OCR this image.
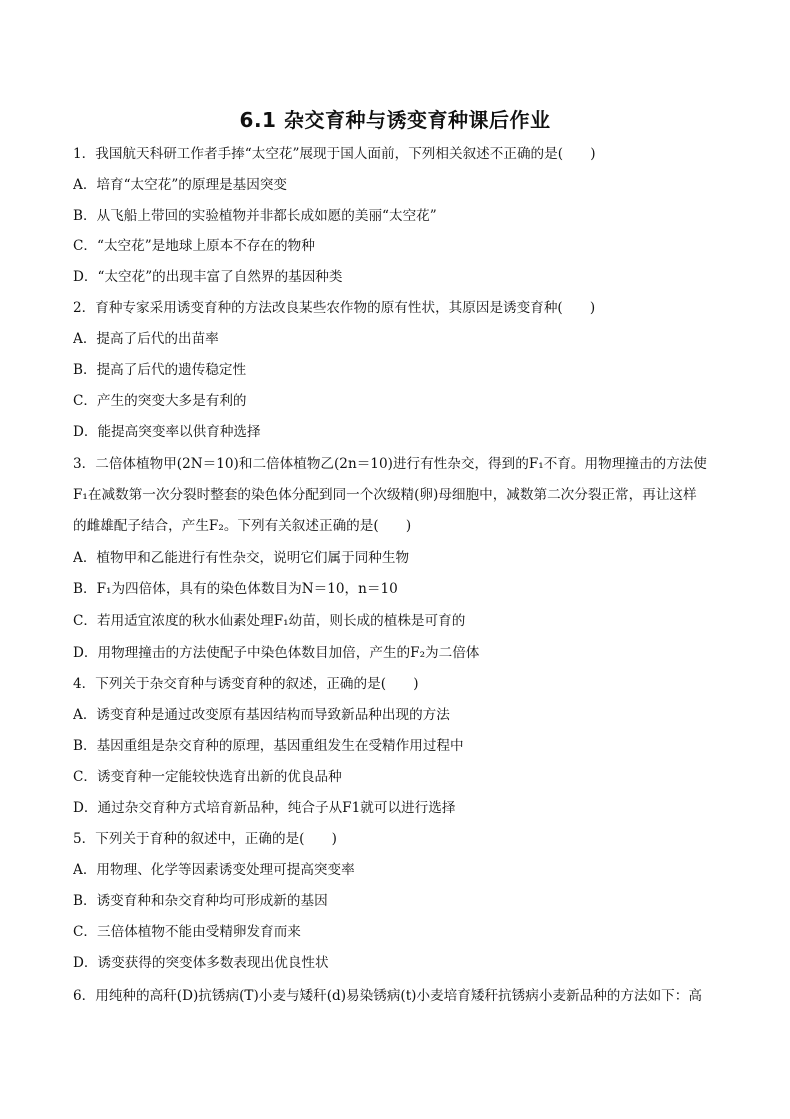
6.1 杂交育种与诱变育种课后作业
1．我国航天科研工作者手捧“太空花”展现于国人面前，下列相关叙述不正确的是(　　)
A．培育“太空花”的原理是基因突变
B．从飞船上带回的实验植物并非都长成如愿的美丽“太空花”
C．“太空花”是地球上原本不存在的物种
D．“太空花”的出现丰富了自然界的基因种类
2．育种专家采用诱变育种的方法改良某些农作物的原有性状，其原因是诱变育种(　　)
A．提高了后代的出苗率
B．提高了后代的遗传稳定性
C．产生的突变大多是有利的
D．能提高突变率以供育种选择
3．二倍体植物甲(2N＝10)和二倍体植物乙(2n＝10)进行有性杂交，得到的F₁不育。用物理撞击的方法使
F₁在减数第一次分裂时整套的染色体分配到同一个次级精(卵)母细胞中，减数第二次分裂正常，再让这样
的雌雄配子结合，产生F₂。下列有关叙述正确的是(　　)
A．植物甲和乙能进行有性杂交，说明它们属于同种生物
B．F₁为四倍体，具有的染色体数目为N＝10，n＝10
C．若用适宜浓度的秋水仙素处理F₁幼苗，则长成的植株是可育的
D．用物理撞击的方法使配子中染色体数目加倍，产生的F₂为二倍体
4．下列关于杂交育种与诱变育种的叙述，正确的是(　　)
A．诱变育种是通过改变原有基因结构而导致新品种出现的方法
B．基因重组是杂交育种的原理，基因重组发生在受精作用过程中
C．诱变育种一定能较快选育出新的优良品种
D．通过杂交育种方式培育新品种，纯合子从F1就可以进行选择
5．下列关于育种的叙述中，正确的是(　　)
A．用物理、化学等因素诱变处理可提高突变率
B．诱变育种和杂交育种均可形成新的基因
C．三倍体植物不能由受精卵发育而来
D．诱变获得的突变体多数表现出优良性状
6．用纯种的高秆(D)抗锈病(T)小麦与矮秆(d)易染锈病(t)小麦培育矮秆抗锈病小麦新品种的方法如下：高
